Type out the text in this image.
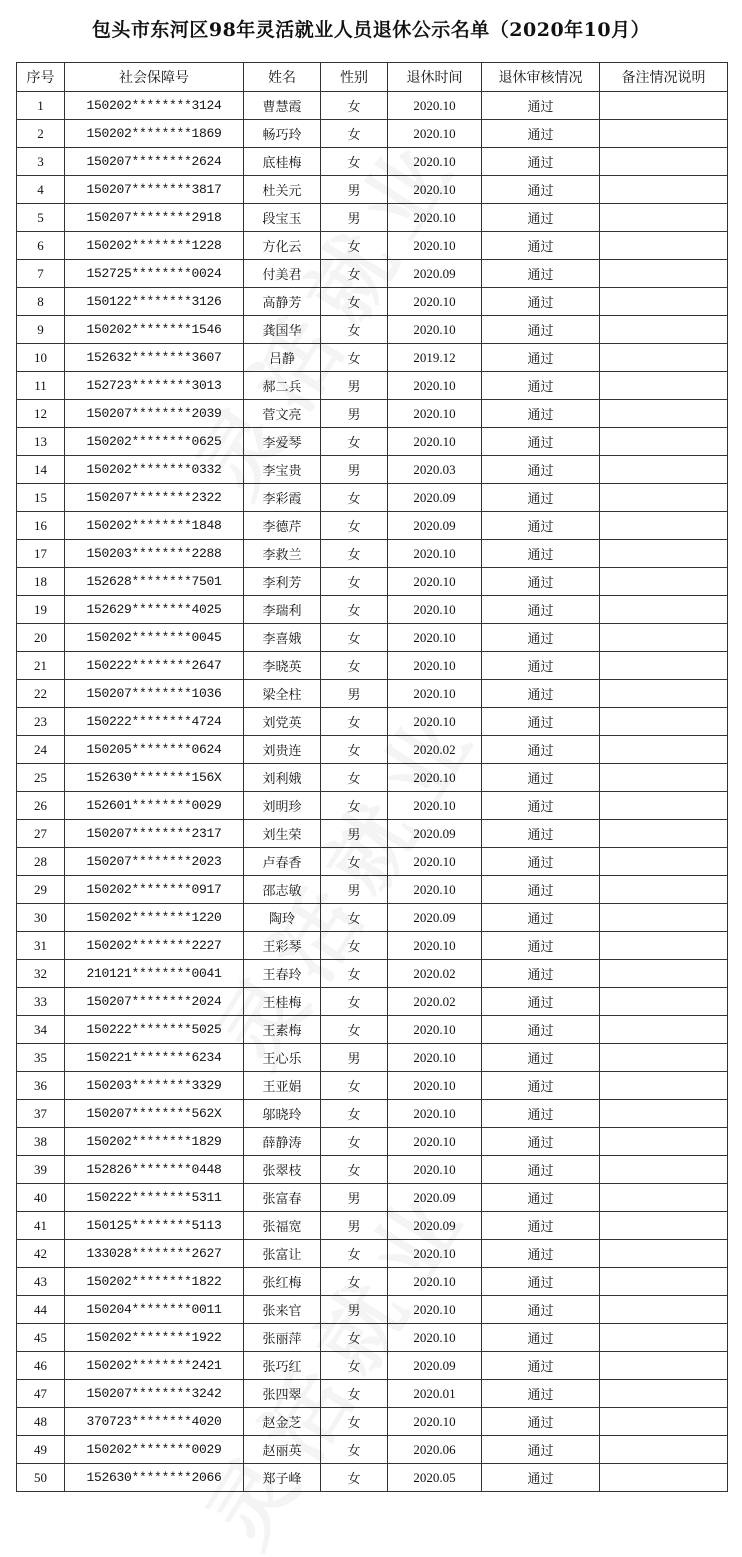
包头市东河区98年灵活就业人员退休公示名单（2020年10月）
序号	社会保障号	姓名	性别	退休时间	退休审核情况	备注情况说明
1	150202********3124	曹慧霞	女	2020.10	通过	
2	150202********1869	畅巧玲	女	2020.10	通过	
3	150207********2624	底桂梅	女	2020.10	通过	
4	150207********3817	杜关元	男	2020.10	通过	
5	150207********2918	段宝玉	男	2020.10	通过	
6	150202********1228	方化云	女	2020.10	通过	
7	152725********0024	付美君	女	2020.09	通过	
8	150122********3126	高静芳	女	2020.10	通过	
9	150202********1546	龚国华	女	2020.10	通过	
10	152632********3607	吕静	女	2019.12	通过	
11	152723********3013	郝二兵	男	2020.10	通过	
12	150207********2039	菅文亮	男	2020.10	通过	
13	150202********0625	李爱琴	女	2020.10	通过	
14	150202********0332	李宝贵	男	2020.03	通过	
15	150207********2322	李彩霞	女	2020.09	通过	
16	150202********1848	李德芹	女	2020.09	通过	
17	150203********2288	李救兰	女	2020.10	通过	
18	152628********7501	李利芳	女	2020.10	通过	
19	152629********4025	李瑞利	女	2020.10	通过	
20	150202********0045	李喜娥	女	2020.10	通过	
21	150222********2647	李晓英	女	2020.10	通过	
22	150207********1036	梁全柱	男	2020.10	通过	
23	150222********4724	刘党英	女	2020.10	通过	
24	150205********0624	刘贵连	女	2020.02	通过	
25	152630********156X	刘利娥	女	2020.10	通过	
26	152601********0029	刘明珍	女	2020.10	通过	
27	150207********2317	刘生荣	男	2020.09	通过	
28	150207********2023	卢春香	女	2020.10	通过	
29	150202********0917	邵志敏	男	2020.10	通过	
30	150202********1220	陶玲	女	2020.09	通过	
31	150202********2227	王彩琴	女	2020.10	通过	
32	210121********0041	王春玲	女	2020.02	通过	
33	150207********2024	王桂梅	女	2020.02	通过	
34	150222********5025	王素梅	女	2020.10	通过	
35	150221********6234	王心乐	男	2020.10	通过	
36	150203********3329	王亚娟	女	2020.10	通过	
37	150207********562X	邬晓玲	女	2020.10	通过	
38	150202********1829	薛静涛	女	2020.10	通过	
39	152826********0448	张翠枝	女	2020.10	通过	
40	150222********5311	张富春	男	2020.09	通过	
41	150125********5113	张福宽	男	2020.09	通过	
42	133028********2627	张富让	女	2020.10	通过	
43	150202********1822	张红梅	女	2020.10	通过	
44	150204********0011	张来官	男	2020.10	通过	
45	150202********1922	张丽萍	女	2020.10	通过	
46	150202********2421	张巧红	女	2020.09	通过	
47	150207********3242	张四翠	女	2020.01	通过	
48	370723********4020	赵金芝	女	2020.10	通过	
49	150202********0029	赵丽英	女	2020.06	通过	
50	152630********2066	郑子峰	女	2020.05	通过	
